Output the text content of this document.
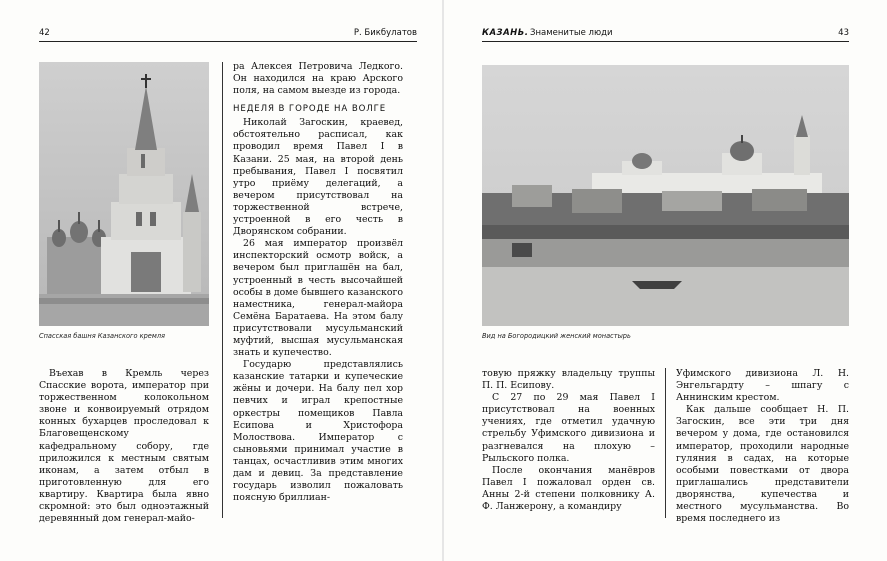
42	Р. Бикбулатов
Спасская башня Казанского кремля

ра Алексея Петровича Ледкого. Он находился на краю Арского поля, на самом выезде из города.

НЕДЕЛЯ В ГОРОДЕ НА ВОЛГЕ

Николай Загоскин, краевед, обстоятельно расписал, как проводил время Павел I в Казани. 25 мая, на второй день пребывания, Павел I посвятил утро приёму делегаций, а вечером присутствовал на торжественной встрече, устроенной в его честь в Дворянском собрании.

26 мая император произвёл инспекторский осмотр войск, а вечером был приглашён на бал, устроенный в честь высочайшей особы в доме бывшего казанского наместника, генерал-майора Семёна Баратаева. На этом балу присутствовали мусульманский муфтий, высшая мусульманская знать и купечество.

Государю представлялись казанские татарки и купеческие жёны и дочери. На балу пел хор певчих и играл крепостные оркестры помещиков Павла Есипова и Христофора Молоствова. Император с сыновьями принимал участие в танцах, осчастливив этим многих дам и девиц. За представление государь изволил пожаловать поясную бриллиан-

Въехав в Кремль через Спасские ворота, император при торжественном колокольном звоне и конвоируемый отрядом конных бухарцев проследовал к Благовещенскому кафедральному собору, где приложился к местным святым иконам, а затем отбыл в приготовленную для его квартиру. Квартира была явно скромной: это был одноэтажный деревянный дом генерал-майо-

КАЗАНЬ. Знаменитые люди	43
Вид на Богородицкий женский монастырь

товую пряжку владельцу труппы П. П. Есипову.

С 27 по 29 мая Павел I присутствовал на военных учениях, где отметил удачную стрельбу Уфимского дивизиона и разгневался на плохую – Рыльского полка.

После окончания манёвров Павел I пожаловал орден св. Анны 2-й степени полковнику А. Ф. Ланжерону, а командиру

Уфимского дивизиона Л. Н. Энгельгардту – шпагу с Аннинским крестом.

Как дальше сообщает Н. П. Загоскин, все эти три дня вечером у дома, где остановился император, проходили народные гуляния в садах, на которые особыми повестками от двора приглашались представители дворянства, купечества и местного мусульманства. Во время последнего из
